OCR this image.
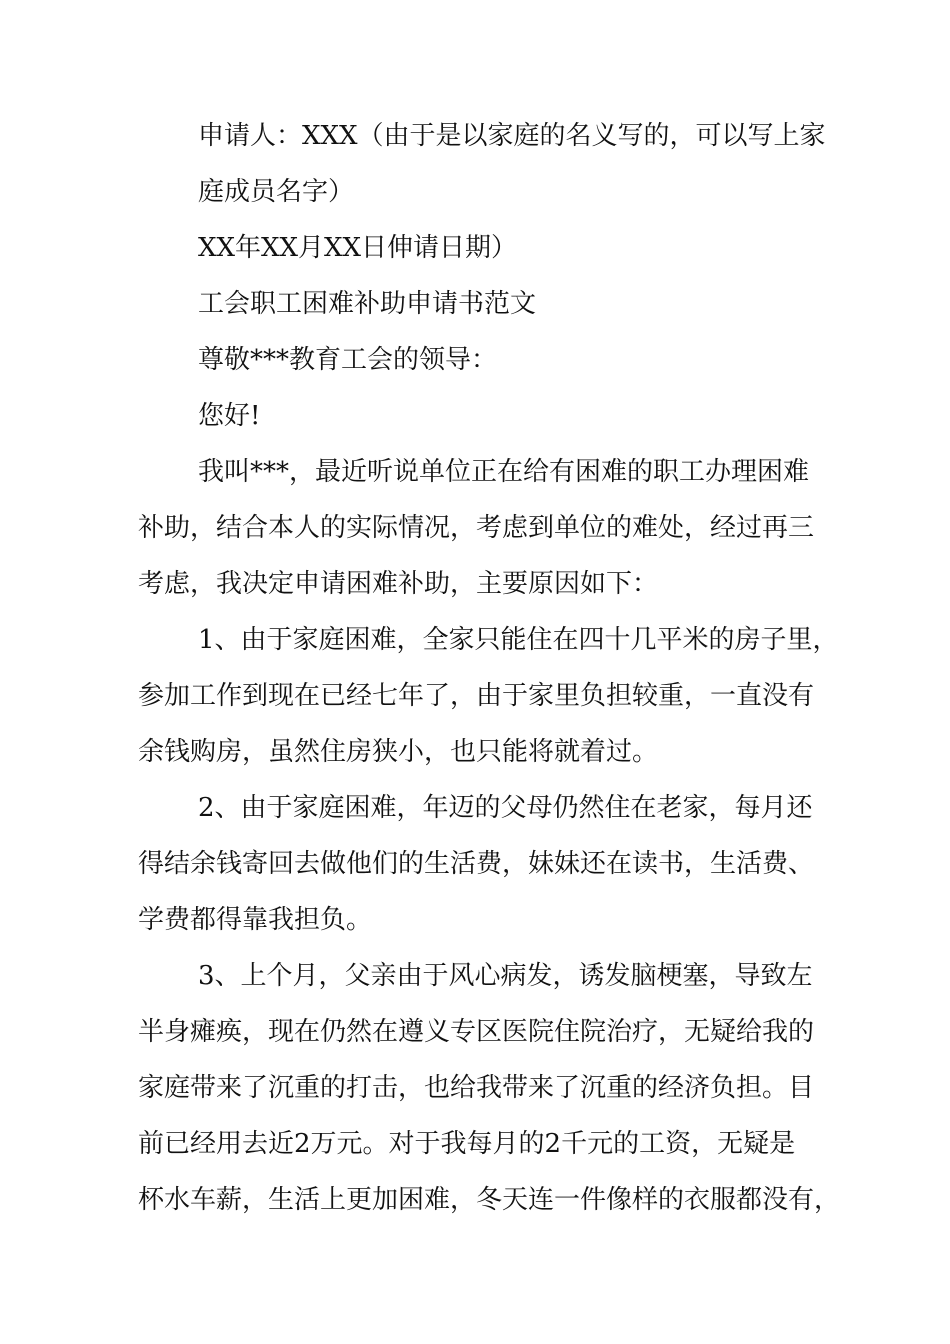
申请人：XXX（由于是以家庭的名义写的，可以写上家
庭成员名字）
XX年XX月XX日伸请日期）
工会职工困难补助申请书范文
尊敬***教育工会的领导：
您好!
我叫***，最近听说单位正在给有困难的职工办理困难
补助，结合本人的实际情况，考虑到单位的难处，经过再三
考虑，我决定申请困难补助，主要原因如下：
1、由于家庭困难，全家只能住在四十几平米的房子里，
参加工作到现在已经七年了，由于家里负担较重，一直没有
余钱购房，虽然住房狭小，也只能将就着过。
2、由于家庭困难，年迈的父母仍然住在老家，每月还
得结余钱寄回去做他们的生活费，妹妹还在读书，生活费、
学费都得靠我担负。
3、上个月，父亲由于风心病发，诱发脑梗塞，导致左
半身瘫痪，现在仍然在遵义专区医院住院治疗，无疑给我的
家庭带来了沉重的打击，也给我带来了沉重的经济负担。目
前已经用去近2万元。对于我每月的2千元的工资，无疑是
杯水车薪，生活上更加困难，冬天连一件像样的衣服都没有，
